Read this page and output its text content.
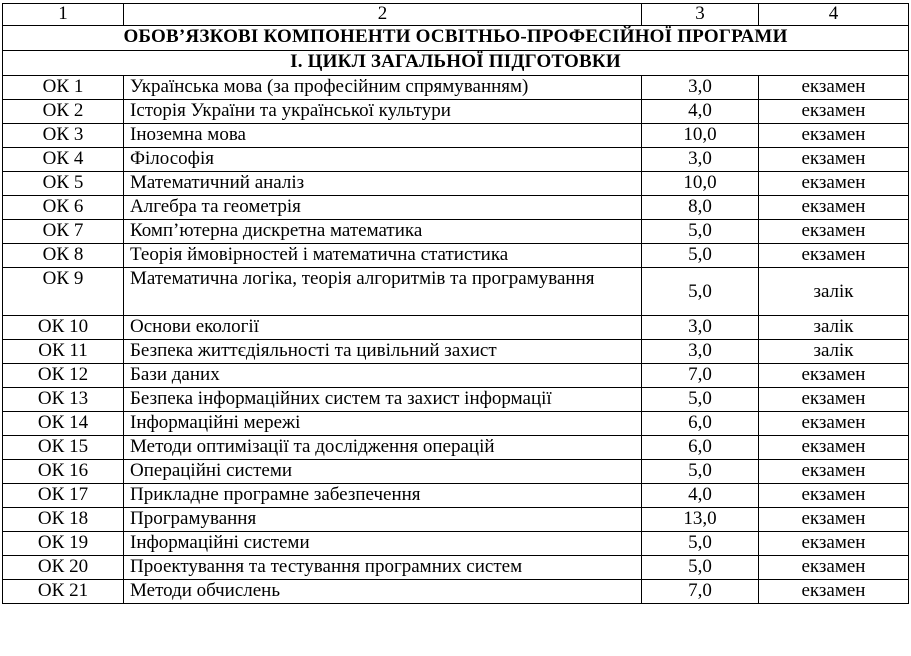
1	2	3	4
ОБОВ’ЯЗКОВІ КОМПОНЕНТИ ОСВІТНЬО-ПРОФЕСІЙНОЇ ПРОГРАМИ			
І. ЦИКЛ ЗАГАЛЬНОЇ ПІДГОТОВКИ			
ОК 1	Українська мова (за професійним спрямуванням)	3,0	екзамен
ОК 2	Історія України та української культури	4,0	екзамен
ОК 3	Іноземна мова	10,0	екзамен
ОК 4	Філософія	3,0	екзамен
ОК 5	Математичний аналіз	10,0	екзамен
ОК 6	Алгебра та геометрія	8,0	екзамен
ОК 7	Комп’ютерна дискретна математика	5,0	екзамен
ОК 8	Теорія ймовірностей і математична статистика	5,0	екзамен
ОК 9	Математична логіка, теорія алгоритмів та програмування	5,0	залік
ОК 10	Основи екології	3,0	залік
ОК 11	Безпека життєдіяльності та цивільний захист	3,0	залік
ОК 12	Бази даних	7,0	екзамен
ОК 13	Безпека інформаційних систем та захист інформації	5,0	екзамен
ОК 14	Інформаційні мережі	6,0	екзамен
ОК 15	Методи оптимізації та дослідження операцій	6,0	екзамен
ОК 16	Операційні системи	5,0	екзамен
ОК 17	Прикладне програмне забезпечення	4,0	екзамен
ОК 18	Програмування	13,0	екзамен
ОК 19	Інформаційні системи	5,0	екзамен
ОК 20	Проектування та тестування програмних систем	5,0	екзамен
ОК 21	Методи обчислень	7,0	екзамен
